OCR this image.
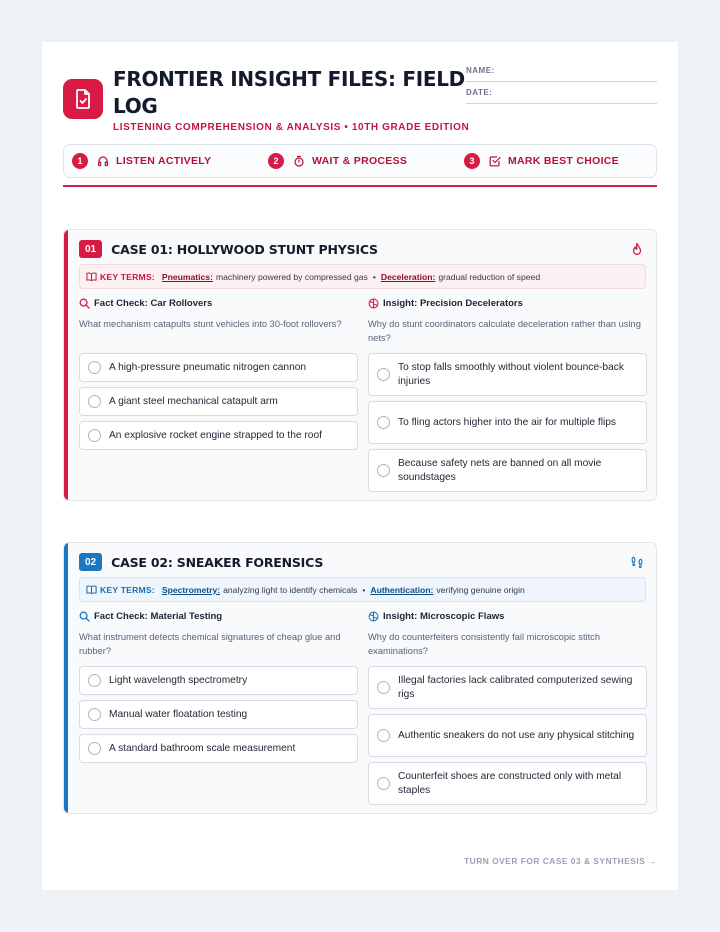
FRONTIER INSIGHT FILES: FIELD LOG
LISTENING COMPREHENSION & ANALYSIS • 10TH GRADE EDITION
NAME:
DATE:
1	LISTEN ACTIVELY	2	WAIT & PROCESS	3	MARK BEST CHOICE
01	CASE 01: HOLLYWOOD STUNT PHYSICS
KEY TERMS: Pneumatics: machinery powered by compressed gas • Deceleration: gradual reduction of speed
Fact Check: Car Rollovers
What mechanism catapults stunt vehicles into 30-foot rollovers?
A high-pressure pneumatic nitrogen cannon
A giant steel mechanical catapult arm
An explosive rocket engine strapped to the roof
Insight: Precision Decelerators
Why do stunt coordinators calculate deceleration rather than using nets?
To stop falls smoothly without violent bounce-back injuries
To fling actors higher into the air for multiple flips
Because safety nets are banned on all movie soundstages
02	CASE 02: SNEAKER FORENSICS
KEY TERMS: Spectrometry: analyzing light to identify chemicals • Authentication: verifying genuine origin
Fact Check: Material Testing
What instrument detects chemical signatures of cheap glue and rubber?
Light wavelength spectrometry
Manual water floatation testing
A standard bathroom scale measurement
Insight: Microscopic Flaws
Why do counterfeiters consistently fail microscopic stitch examinations?
Illegal factories lack calibrated computerized sewing rigs
Authentic sneakers do not use any physical stitching
Counterfeit shoes are constructed only with metal staples
TURN OVER FOR CASE 03 & SYNTHESIS →
